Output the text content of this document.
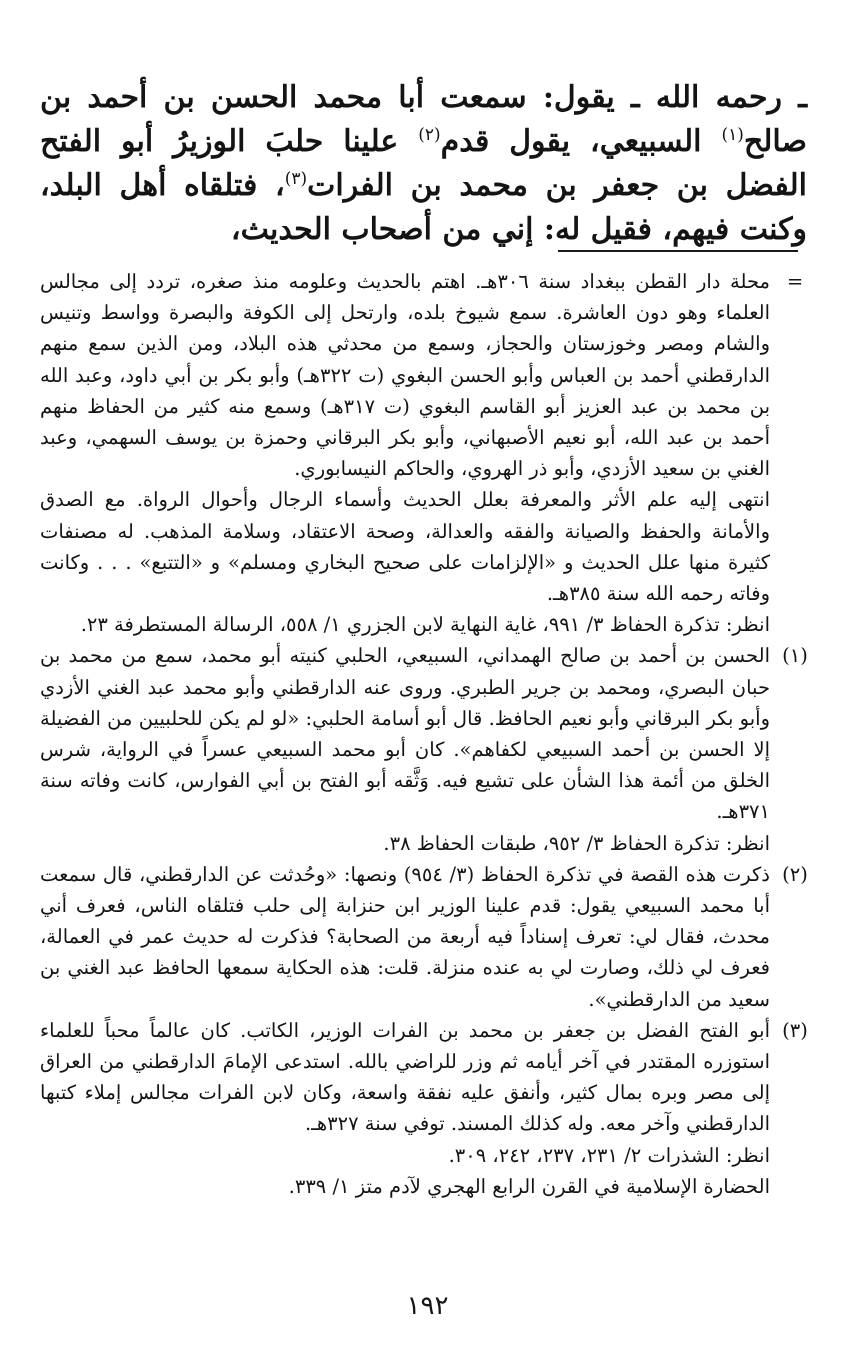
ـ رحمه الله ـ يقول: سمعت أبا محمد الحسن بن أحمد بن صالح$^{(١)}$ السبيعي، يقول قدم$^{(٢)}$ علينا حلبَ الوزيرُ أبو الفتح الفضل بن جعفر بن محمد بن الفرات$^{(٣)}$، فتلقاه أهل البلد، وكنت فيهم، فقيل له: إني من أصحاب الحديث،

=

محلة دار القطن ببغداد سنة ٣٠٦هـ. اهتم بالحديث وعلومه منذ صغره، تردد إلى مجالس العلماء وهو دون العاشرة. سمع شيوخ بلده، وارتحل إلى الكوفة والبصرة وواسط وتنيس والشام ومصر وخوزستان والحجاز، وسمع من محدثي هذه البلاد، ومن الذين سمع منهم الدارقطني أحمد بن العباس وأبو الحسن البغوي (ت ٣٢٢هـ) وأبو بكر بن أبي داود، وعبد الله بن محمد بن عبد العزيز أبو القاسم البغوي (ت ٣١٧هـ) وسمع منه كثير من الحفاظ منهم أحمد بن عبد الله، أبو نعيم الأصبهاني، وأبو بكر البرقاني وحمزة بن يوسف السهمي، وعبد الغني بن سعيد الأزدي، وأبو ذر الهروي، والحاكم النيسابوري.

انتهى إليه علم الأثر والمعرفة بعلل الحديث وأسماء الرجال وأحوال الرواة. مع الصدق والأمانة والحفظ والصيانة والفقه والعدالة، وصحة الاعتقاد، وسلامة المذهب. له مصنفات كثيرة منها علل الحديث و «الإلزامات على صحيح البخاري ومسلم» و «التتبع» . . . وكانت وفاته رحمه الله سنة ٣٨٥هـ.

انظر: تذكرة الحفاظ ٣/ ٩٩١، غاية النهاية لابن الجزري ١/ ٥٥٨، الرسالة المستطرفة ٢٣.

(١)

الحسن بن أحمد بن صالح الهمداني، السبيعي، الحلبي كنيته أبو محمد، سمع من محمد بن حبان البصري، ومحمد بن جرير الطبري. وروى عنه الدارقطني وأبو محمد عبد الغني الأزدي وأبو بكر البرقاني وأبو نعيم الحافظ. قال أبو أسامة الحلبي: «لو لم يكن للحلبيين من الفضيلة إلا الحسن بن أحمد السبيعي لكفاهم». كان أبو محمد السبيعي عسراً في الرواية، شرس الخلق من أئمة هذا الشأن على تشيع فيه. وَثَّقه أبو الفتح بن أبي الفوارس، كانت وفاته سنة ٣٧١هـ.

انظر: تذكرة الحفاظ ٣/ ٩٥٢، طبقات الحفاظ ٣٨.

(٢)

ذكرت هذه القصة في تذكرة الحفاظ (٣/ ٩٥٤) ونصها: «وحُدثت عن الدارقطني، قال سمعت أبا محمد السبيعي يقول: قدم علينا الوزير ابن حنزابة إلى حلب فتلقاه الناس، فعرف أني محدث، فقال لي: تعرف إسناداً فيه أربعة من الصحابة؟ فذكرت له حديث عمر في العمالة، فعرف لي ذلك، وصارت لي به عنده منزلة. قلت: هذه الحكاية سمعها الحافظ عبد الغني بن سعيد من الدارقطني».

(٣)

أبو الفتح الفضل بن جعفر بن محمد بن الفرات الوزير، الكاتب. كان عالماً محباً للعلماء استوزره المقتدر في آخر أيامه ثم وزر للراضي بالله. استدعى الإمامَ الدارقطني من العراق إلى مصر وبره بمال كثير، وأنفق عليه نفقة واسعة، وكان لابن الفرات مجالس إملاء كتبها الدارقطني وآخر معه. وله كذلك المسند. توفي سنة ٣٢٧هـ.

انظر: الشذرات ٢/ ٢٣١، ٢٣٧، ٢٤٢، ٣٠٩.

الحضارة الإسلامية في القرن الرابع الهجري لآدم متز ١/ ٣٣٩.

١٩٢
